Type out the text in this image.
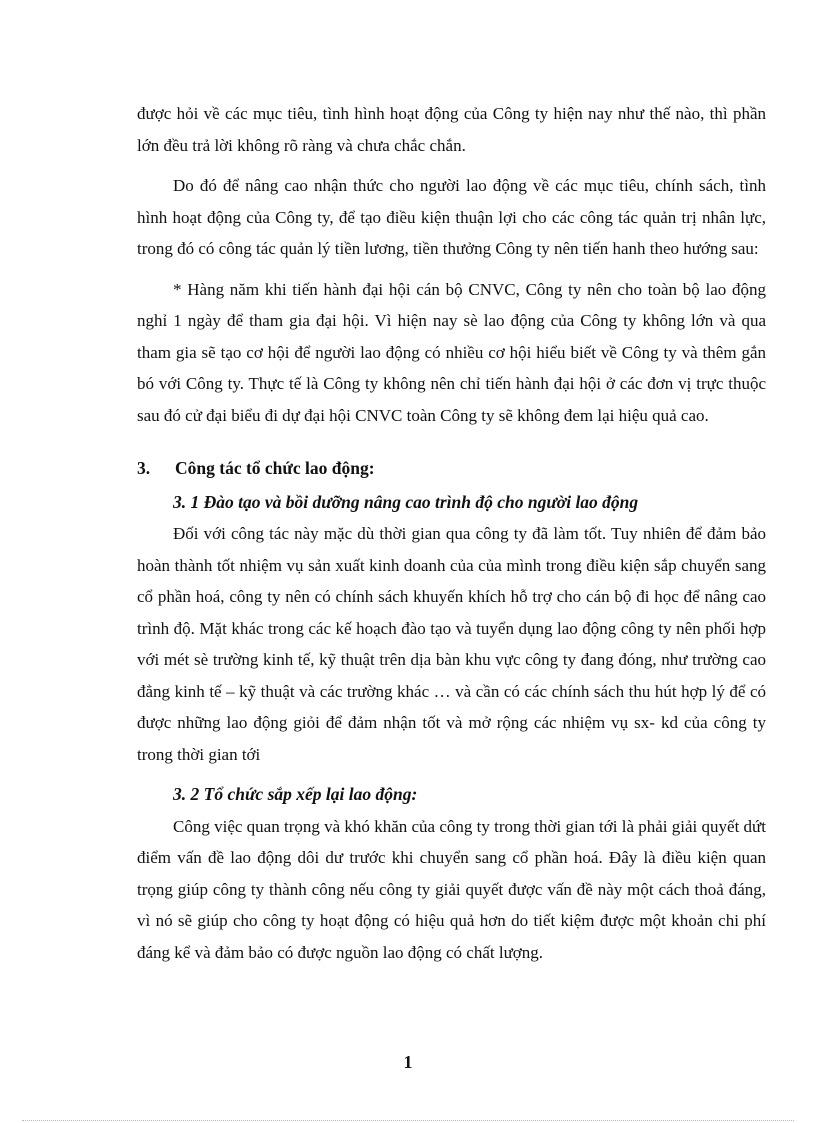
được hỏi về các mục tiêu, tình hình hoạt động của Công ty hiện nay như thế nào, thì phần lớn đều trả lời không rõ ràng và chưa chắc chắn.

Do đó để nâng cao nhận thức cho người lao động về các mục tiêu, chính sách, tình hình hoạt động của Công ty, để tạo điều kiện thuận lợi cho các công tác quản trị nhân lực, trong đó có công tác quản lý tiền lương, tiền thưởng Công ty nên tiến hanh theo hướng sau:

* Hàng năm khi tiến hành đại hội cán bộ CNVC, Công ty nên cho toàn bộ lao động nghỉ 1 ngày để tham gia đại hội. Vì hiện nay sè lao động của Công ty không lớn và qua tham gia sẽ tạo cơ hội để người lao động có nhiều cơ hội hiểu biết về Công ty và thêm gắn bó với Công ty. Thực tế là Công ty không nên chỉ tiến hành đại hội ở các đơn vị trực thuộc sau đó cử đại biểu đi dự đại hội CNVC toàn Công ty sẽ không đem lại hiệu quả cao.

3.	Công tác tổ chức lao động:
3. 1 Đào tạo và bồi dưỡng nâng cao trình độ cho người lao động

Đối với công tác này mặc dù thời gian qua công ty đã làm tốt. Tuy nhiên để đảm bảo hoàn thành tốt nhiệm vụ sản xuất kinh doanh của của mình trong điều kiện sắp chuyển sang cổ phần hoá, công ty nên có chính sách khuyến khích hỗ trợ cho cán bộ đi học để nâng cao trình độ. Mặt khác trong các kế hoạch đào tạo và tuyển dụng lao động công ty nên phối hợp với mét sè trường kinh tế, kỹ thuật trên dịa bàn khu vực công ty đang đóng, như trường cao đẳng kinh tế – kỹ thuật và các trường khác … và cần có các chính sách thu hút hợp lý để có được những lao động giỏi để đảm nhận tốt và mở rộng các nhiệm vụ sx- kd của công ty trong thời gian tới

3. 2 Tổ chức sắp xếp lại lao động:

Công việc quan trọng và khó khăn của công ty trong thời gian tới là phải giải quyết dứt điểm vấn đề lao động dôi dư trước khi chuyển sang cổ phần hoá. Đây là điều kiện quan trọng giúp công ty thành công nếu công ty giải quyết được vấn đề này một cách thoả đáng, vì nó sẽ giúp cho công ty hoạt động có hiệu quả hơn do tiết kiệm được một khoản chi phí đáng kể và đảm bảo có được nguồn lao động có chất lượng.

1
